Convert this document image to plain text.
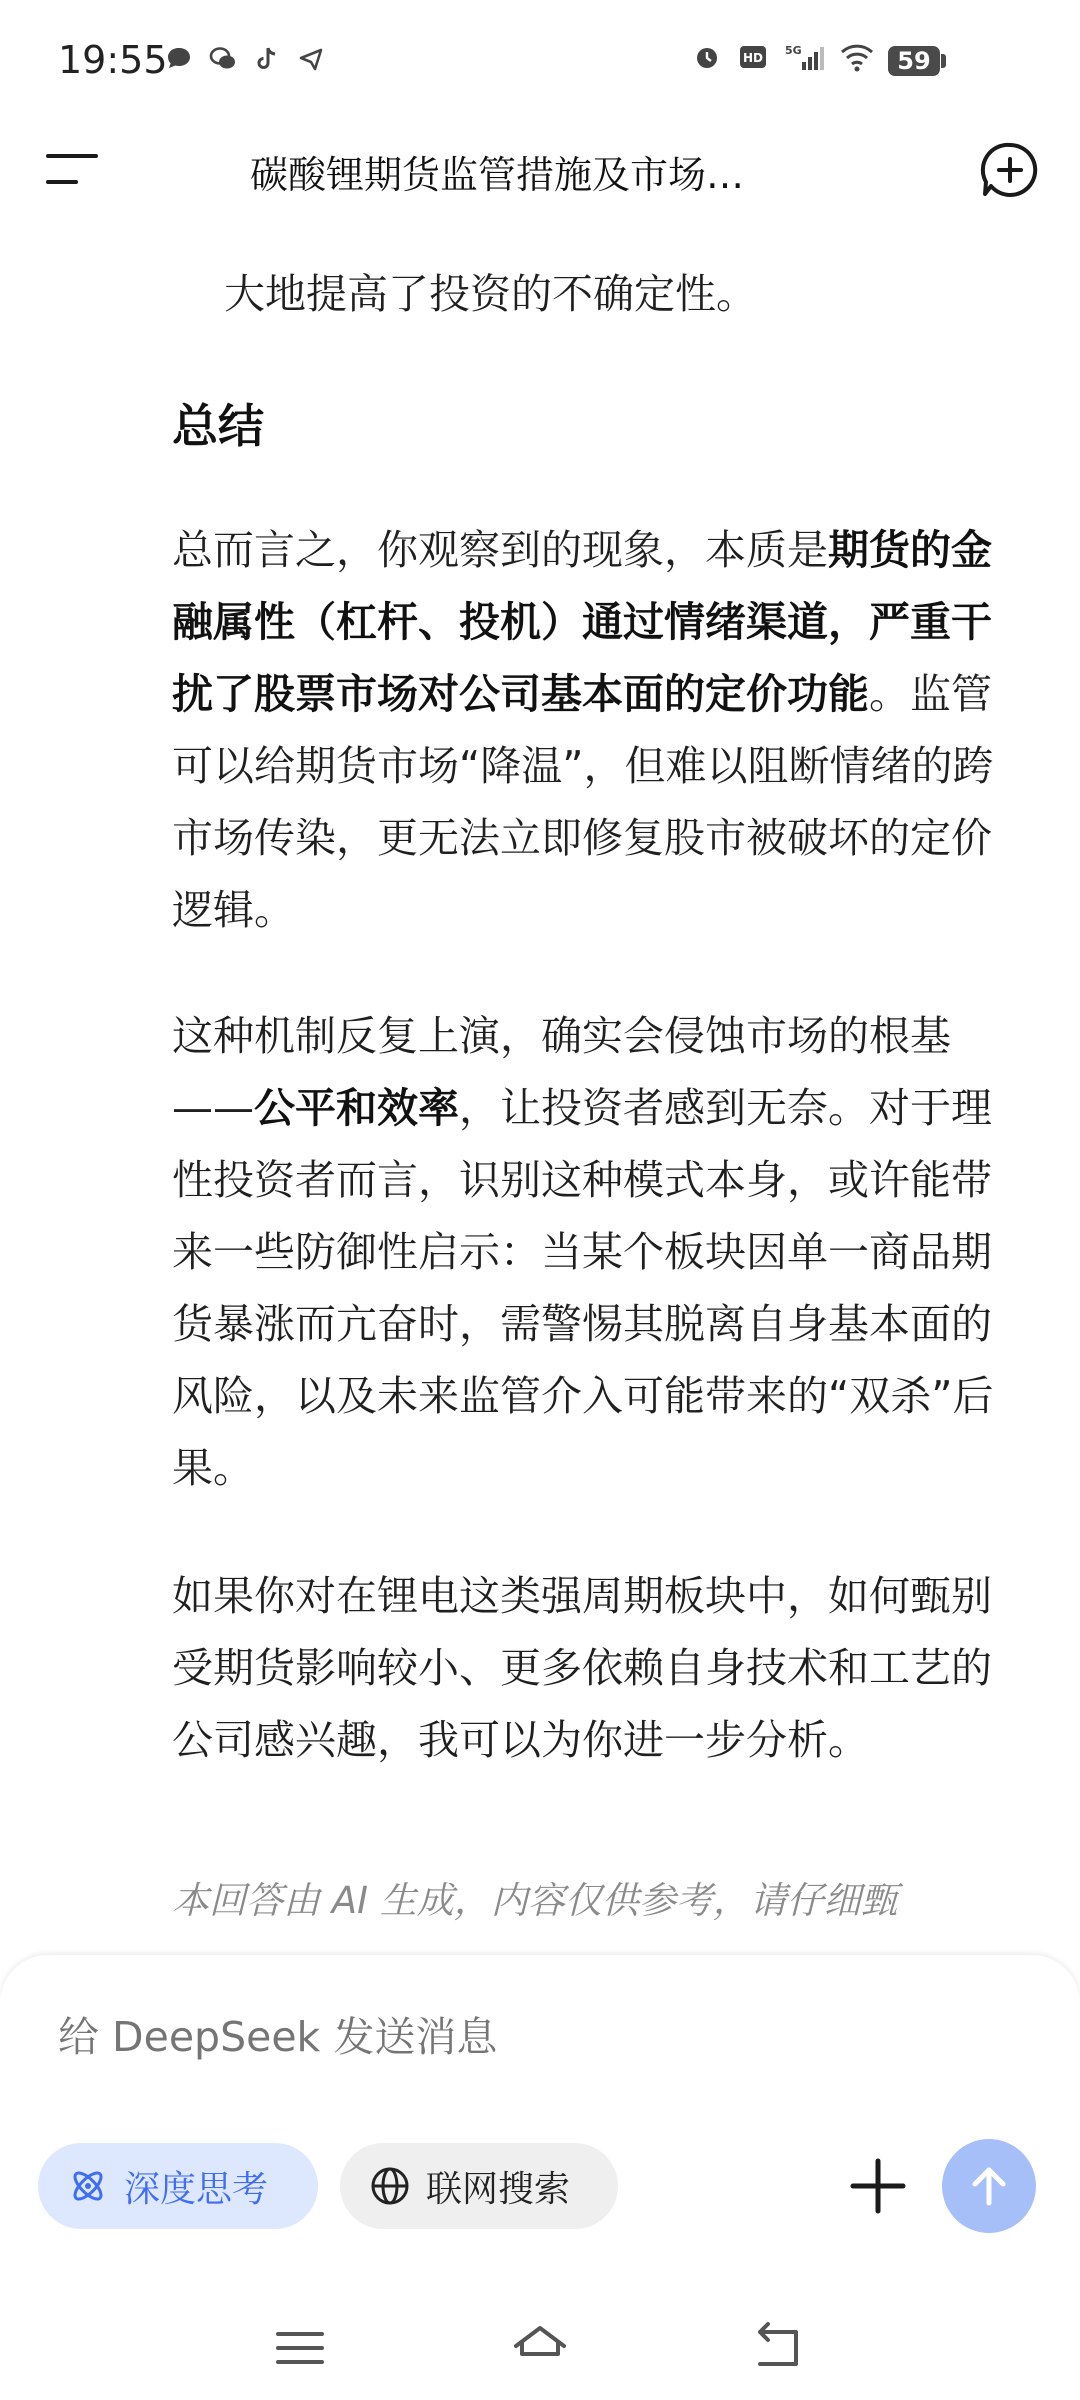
19:55	HD
5G	59
碳酸锂期货监管措施及市场…
大地提高了投资的不确定性。
总结

总而言之，你观察到的现象，本质是期货的金融属性（杠杆、投机）通过情绪渠道，严重干扰了股票市场对公司基本面的定价功能。监管可以给期货市场“降温”，但难以阻断情绪的跨市场传染，更无法立即修复股市被破坏的定价逻辑。

这种机制反复上演，确实会侵蚀市场的根基——公平和效率，让投资者感到无奈。对于理性投资者而言，识别这种模式本身，或许能带来一些防御性启示：当某个板块因单一商品期货暴涨而亢奋时，需警惕其脱离自身基本面的风险，以及未来监管介入可能带来的“双杀”后果。

如果你对在锂电这类强周期板块中，如何甄别受期货影响较小、更多依赖自身技术和工艺的公司感兴趣，我可以为你进一步分析。

本回答由 AI 生成，内容仅供参考，请仔细甄
给 DeepSeek 发送消息
深度思考	联网搜索
